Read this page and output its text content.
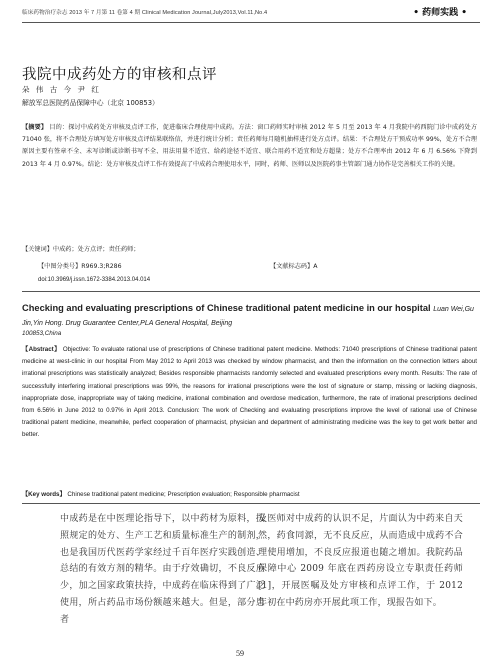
临床药物治疗杂志 2013 年 7 月第 11 卷第 4 期 Clinical Medication Journal,July2013,Vol.11,No.4	• 药师实践 •
我院中成药处方的审核和点评
朵 伟 古 今 尹 红
解放军总医院药品保障中心（北京 100853）
【摘要】 目的：探讨中成药处方审核及点评工作，促进临床合理使用中成药。方法：窗口药师实时审核 2012 年 5 月至 2013 年 4 月我院中药西院门诊中成药处方 71040 张，将不合理处方填写处方审核及点评结果联络信，并进行统计分析；责任药师每月随机抽样进行处方点评。结果：不合理处方干预成功率 99%，处方不合理原因主要有签章不全、未写诊断或诊断书写不全、用法用量不适宜、给药途径不适宜、联合用药不适宜和处方超量；处方不合理率由 2012 年 6 月 6.56% 下降到 2013 年 4 月 0.97%。结论：处方审核及点评工作有效提高了中成药合理使用水平，同时，药师、医师以及医院药事主管部门通力协作是完善相关工作的关键。
【关键词】中成药；处方点评；责任药师；
【中图分类号】R969.3;R286	【文献标志码】A
doi:10.3969/j.issn.1672-3384.2013.04.014
Checking and evaluating prescriptions of Chinese traditional patent medicine in our hospital Luan Wei,Gu Jin,Yin Hong. Drug Guarantee Center,PLA General Hospital, Beijing
100853,China
【Abstract】 Objective: To evaluate rational use of prescriptions of Chinese traditional patent medicine. Methods: 71040 prescriptions of Chinese traditional patent medicine at west-clinic in our hospital From May 2012 to April 2013 was checked by window pharmacist, and then the information on the connection letters about irrational prescriptions was statistically analyzed; Besides responsible pharmacists randomly selected and evaluated prescriptions every month. Results: The rate of successfully interfering irrational prescriptions was 99%, the reasons for irrational prescriptions were the lost of signature or stamp, missing or lacking diagnosis, inappropriate dose, inappropriate way of taking medicine, irrational combination and overdose medication, furthermore, the rate of irrational prescriptions declined from 6.56% in June 2012 to 0.97% in April 2013. Conclusion: The work of Checking and evaluating prescriptions improve the level of rational use of Chinese traditional patent medicine, meanwhile, perfect cooperation of pharmacist, physician and department of administrating medicine was the key to get work better and better.
【Key words】 Chinese traditional patent medicine; Prescription evaluation; Responsible pharmacist
中成药是在中医理论指导下，以中药材为原料，按照规定的处方、生产工艺和质量标准生产的制剂，也是我国历代医药学家经过千百年医疗实践创造、总结的有效方剂的精华。由于疗效确切，不良反应少，加之国家政策扶持，中成药在临床得到了广泛使用，所占药品市场份额越来越大。但是，部分患者
及医师对中成药的认识不足，片面认为中药来自天然，药食同源，无不良反应，从而造成中成药不合理使用增加，不良反应报道也随之增加。我院药品保障中心 2009 年底在西药房设立专职责任药师[1]，开展医嘱及处方审核和点评工作，于 2012 年初在中药房亦开展此项工作，现报告如下。
59
